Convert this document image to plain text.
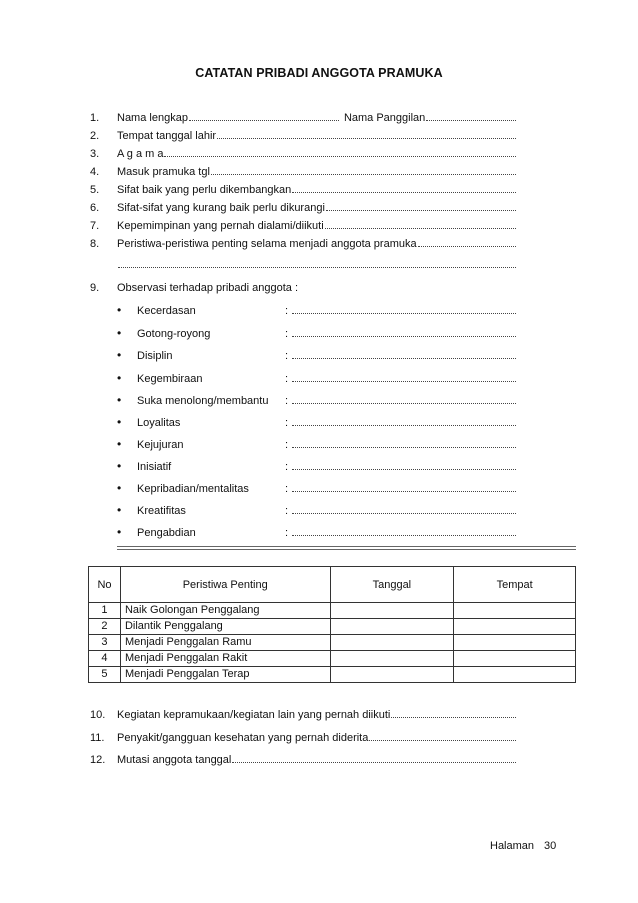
CATATAN PRIBADI ANGGOTA PRAMUKA
1.	Nama lengkap	Nama Panggilan
2.	Tempat tanggal lahir
3.	A g a m a
4.	Masuk pramuka tgl
5.	Sifat baik yang perlu dikembangkan
6.	Sifat-sifat yang kurang baik perlu dikurangi
7.	Kepemimpinan yang pernah dialami/diikuti
8.	Peristiwa-peristiwa penting selama menjadi anggota pramuka
9.	Observasi terhadap pribadi anggota :
•	Kecerdasan	:
•	Gotong-royong	:
•	Disiplin	:
•	Kegembiraan	:
•	Suka menolong/membantu	:
•	Loyalitas	:
•	Kejujuran	:
•	Inisiatif	:
•	Kepribadian/mentalitas	:
•	Kreatifitas	:
•	Pengabdian	:
No	Peristiwa Penting	Tanggal	Tempat
1	Naik Golongan Penggalang		
2	Dilantik Penggalang		
3	Menjadi Penggalan Ramu		
4	Menjadi Penggalan Rakit		
5	Menjadi Penggalan Terap		
10.	Kegiatan kepramukaan/kegiatan lain yang pernah diikuti
11.	Penyakit/gangguan kesehatan yang pernah diderita
12.	Mutasi anggota tanggal
Halaman 30
